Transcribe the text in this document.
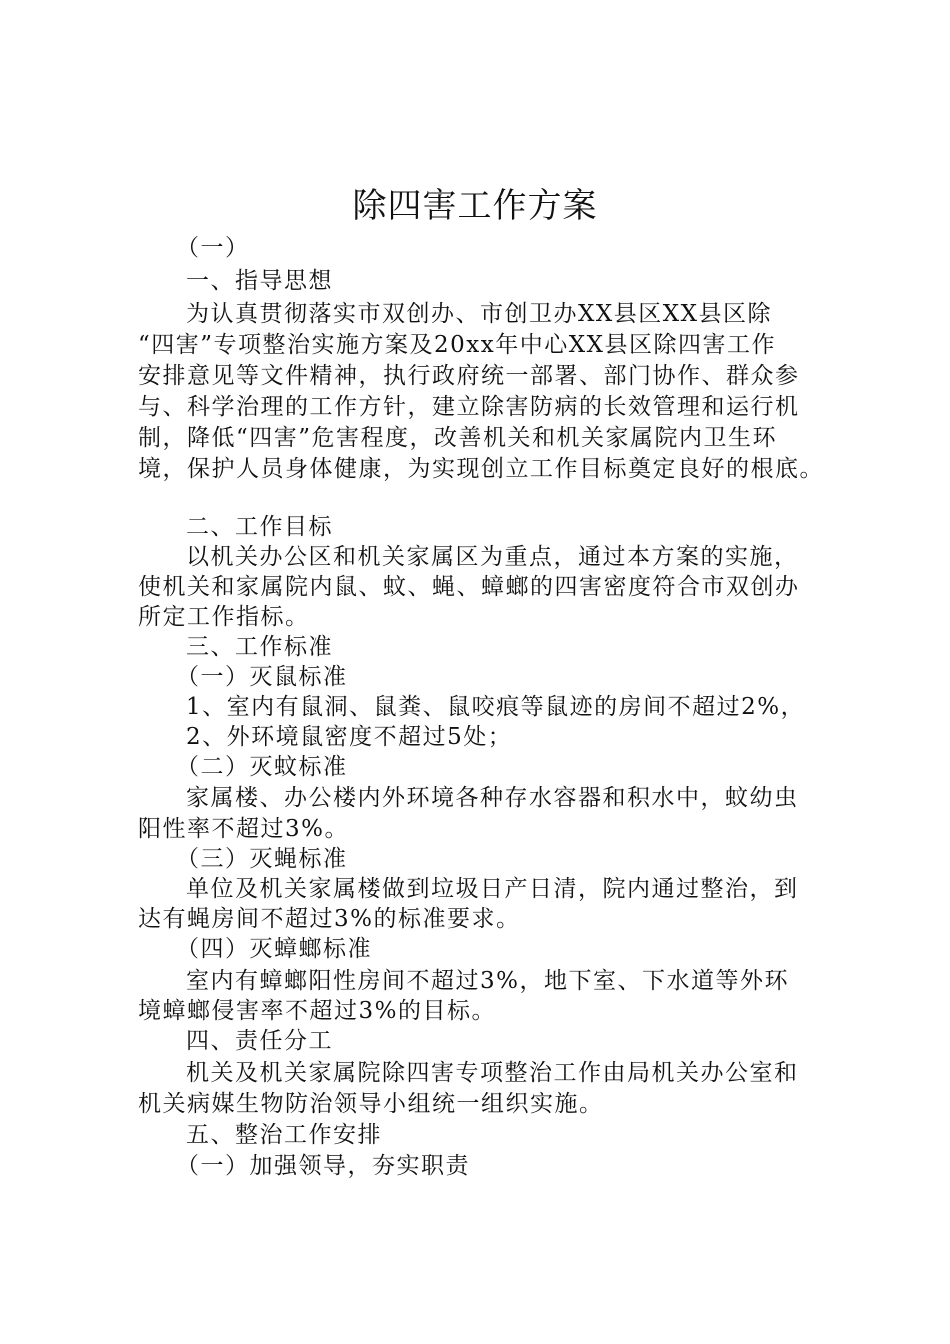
除四害工作方案
（一）
一、指导思想
为认真贯彻落实市双创办、市创卫办XX县区XX县区除
“四害”专项整治实施方案及20xx年中心XX县区除四害工作
安排意见等文件精神，执行政府统一部署、部门协作、群众参
与、科学治理的工作方针，建立除害防病的长效管理和运行机
制，降低“四害”危害程度，改善机关和机关家属院内卫生环
境，保护人员身体健康，为实现创立工作目标奠定良好的根底。
二、工作目标
以机关办公区和机关家属区为重点，通过本方案的实施，
使机关和家属院内鼠、蚊、蝇、蟑螂的四害密度符合市双创办
所定工作指标。
三、工作标准
（一）灭鼠标准
1、室内有鼠洞、鼠粪、鼠咬痕等鼠迹的房间不超过2%，
2、外环境鼠密度不超过5处；
（二）灭蚊标准
家属楼、办公楼内外环境各种存水容器和积水中，蚊幼虫
阳性率不超过3%。
（三）灭蝇标准
单位及机关家属楼做到垃圾日产日清，院内通过整治，到
达有蝇房间不超过3%的标准要求。
（四）灭蟑螂标准
室内有蟑螂阳性房间不超过3%，地下室、下水道等外环
境蟑螂侵害率不超过3%的目标。
四、责任分工
机关及机关家属院除四害专项整治工作由局机关办公室和
机关病媒生物防治领导小组统一组织实施。
五、整治工作安排
（一）加强领导，夯实职责
